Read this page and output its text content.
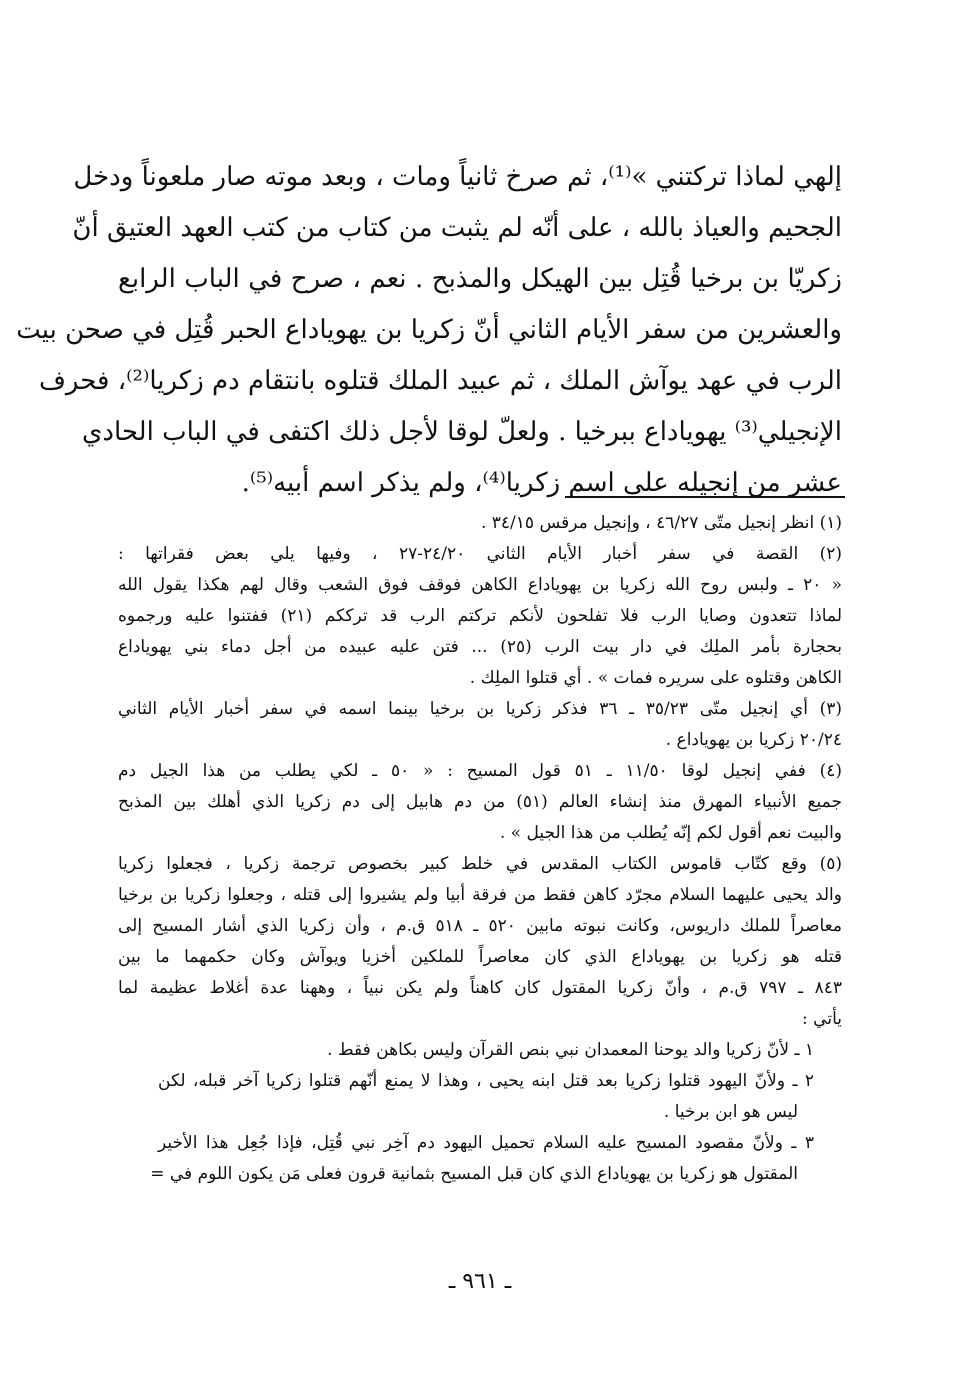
إلهي لماذا تركتني »⁽¹⁾، ثم صرخ ثانياً ومات ، وبعد موته صار ملعوناً ودخل
الجحيم والعياذ بالله ، على أنّه لم يثبت من كتاب من كتب العهد العتيق أنّ
زكريّا بن برخيا قُتِل بين الهيكل والمذبح . نعم ، صرح في الباب الرابع
والعشرين من سفر الأيام الثاني أنّ زكريا بن يهوياداع الحبر قُتِل في صحن بيت
الرب في عهد يوآش الملك ، ثم عبيد الملك قتلوه بانتقام دم زكريا⁽²⁾، فحرف
الإنجيلي⁽³⁾ يهوياداع ببرخيا . ولعلّ لوقا لأجل ذلك اكتفى في الباب الحادي
عشر من إنجيله على اسم زكريا⁽⁴⁾، ولم يذكر اسم أبيه⁽⁵⁾.
(١) انظر إنجيل متّى ٤٦/٢٧ ، وإنجيل مرقس ٣٤/١٥ .
(٢) القصة في سفر أخبار الأيام الثاني ٢٤/٢٠-٢٧ ، وفيها يلي بعض فقراتها :
« ٢٠ ـ ولبس روح الله زكريا بن يهوياداع الكاهن فوقف فوق الشعب وقال لهم هكذا يقول الله
لماذا تتعدون وصايا الرب فلا تفلحون لأنكم تركتم الرب قد ترككم (٢١) ففتنوا عليه ورجموه
بحجارة بأمر الملِك في دار بيت الرب (٢٥) ... فتن عليه عبيده من أجل دماء بني يهوياداع
الكاهن وقتلوه على سريره فمات » . أي قتلوا الملِك .
(٣) أي إنجيل متّى ٣٥/٢٣ ـ ٣٦ فذكر زكريا بن برخيا بينما اسمه في سفر أخبار الأيام الثاني
٢٠/٢٤ زكريا بن يهوياداع .
(٤) ففي إنجيل لوقا ١١/٥٠ ـ ٥١ قول المسيح : « ٥٠ ـ لكي يطلب من هذا الجيل دم
جميع الأنبياء المهرق منذ إنشاء العالم (٥١) من دم هابيل إلى دم زكريا الذي أهلك بين المذبح
والبيت نعم أقول لكم إنّه يُطلب من هذا الجيل » .
(٥) وقع كتّاب قاموس الكتاب المقدس في خلط كبير بخصوص ترجمة زكريا ، فجعلوا زكريا
والد يحيى عليهما السلام مجرّد كاهن فقط من فرقة أبيا ولم يشيروا إلى قتله ، وجعلوا زكريا بن برخيا
معاصراً للملك داريوس، وكانت نبوته مابين ٥٢٠ ـ ٥١٨ ق.م ، وأن زكريا الذي أشار المسيح إلى
قتله هو زكريا بن يهوياداع الذي كان معاصراً للملكين أخزيا ويوآش وكان حكمهما ما بين
٨٤٣ ـ ٧٩٧ ق.م ، وأنّ زكريا المقتول كان كاهناً ولم يكن نبياً ، وههنا عدة أغلاط عظيمة لما
يأتي :
١ ـ لأنّ زكريا والد يوحنا المعمدان نبي بنص القرآن وليس بكاهن فقط .
٢ ـ ولأنّ اليهود قتلوا زكريا بعد قتل ابنه يحيى ، وهذا لا يمنع أنّهم قتلوا زكريا آخر قبله، لكن
ليس هو ابن برخيا .
٣ ـ ولأنّ مقصود المسيح عليه السلام تحميل اليهود دم آخِر نبي قُتِل، فإذا جُعِل هذا الأخير
المقتول هو زكريا بن يهوياداع الذي كان قبل المسيح بثمانية قرون فعلى مَن يكون اللوم في =
ـ ٩٦١ ـ
